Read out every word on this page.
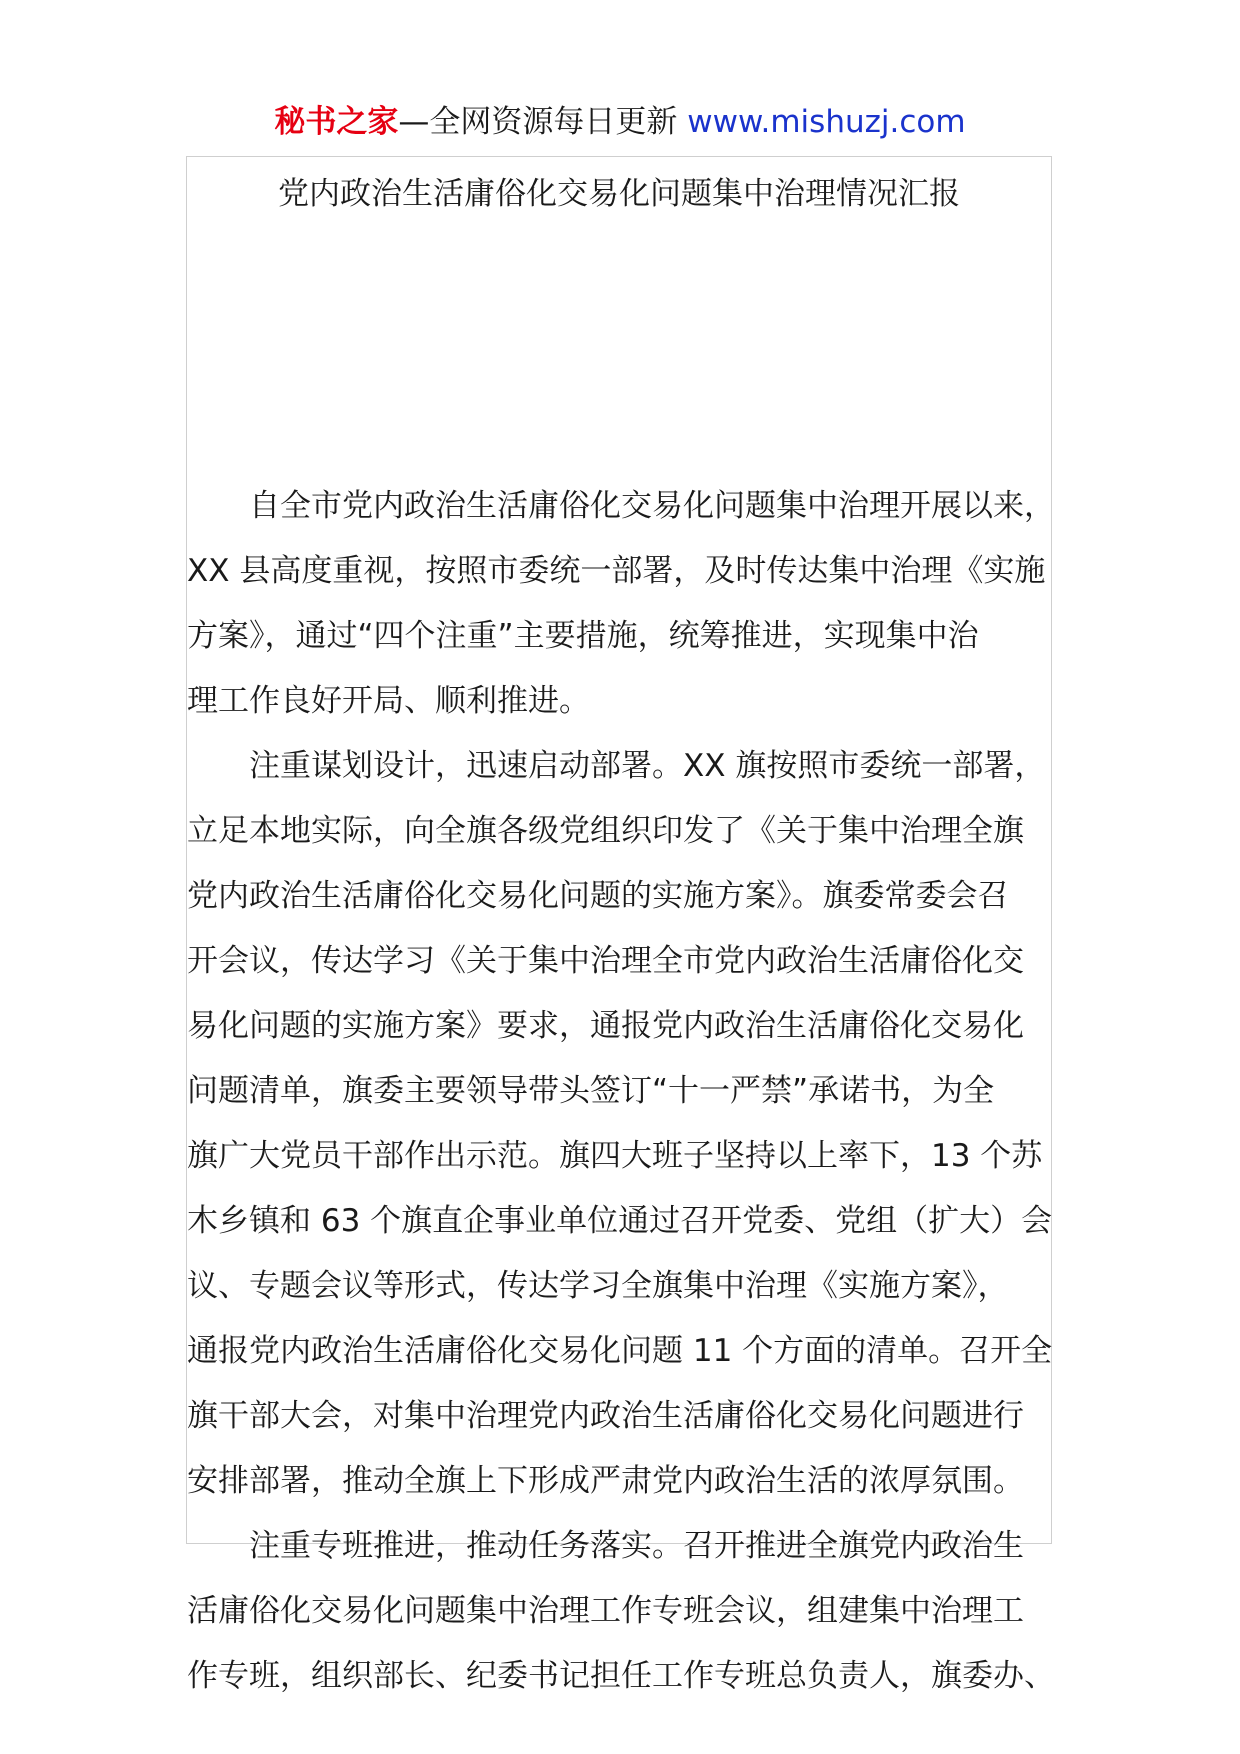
秘书之家—全网资源每日更新 www.mishuzj.com
党内政治生活庸俗化交易化问题集中治理情况汇报
自全市党内政治生活庸俗化交易化问题集中治理开展以来，
XX 县高度重视，按照市委统一部署，及时传达集中治理《实施
方案》，通过“四个注重”主要措施，统筹推进，实现集中治
理工作良好开局、顺利推进。
注重谋划设计，迅速启动部署。XX 旗按照市委统一部署，
立足本地实际，向全旗各级党组织印发了《关于集中治理全旗
党内政治生活庸俗化交易化问题的实施方案》。旗委常委会召
开会议，传达学习《关于集中治理全市党内政治生活庸俗化交
易化问题的实施方案》要求，通报党内政治生活庸俗化交易化
问题清单，旗委主要领导带头签订“十一严禁”承诺书，为全
旗广大党员干部作出示范。旗四大班子坚持以上率下，13 个苏
木乡镇和 63 个旗直企事业单位通过召开党委、党组（扩大）会
议、专题会议等形式，传达学习全旗集中治理《实施方案》，
通报党内政治生活庸俗化交易化问题 11 个方面的清单。召开全
旗干部大会，对集中治理党内政治生活庸俗化交易化问题进行
安排部署，推动全旗上下形成严肃党内政治生活的浓厚氛围。
注重专班推进，推动任务落实。召开推进全旗党内政治生
活庸俗化交易化问题集中治理工作专班会议，组建集中治理工
作专班，组织部长、纪委书记担任工作专班总负责人，旗委办、
